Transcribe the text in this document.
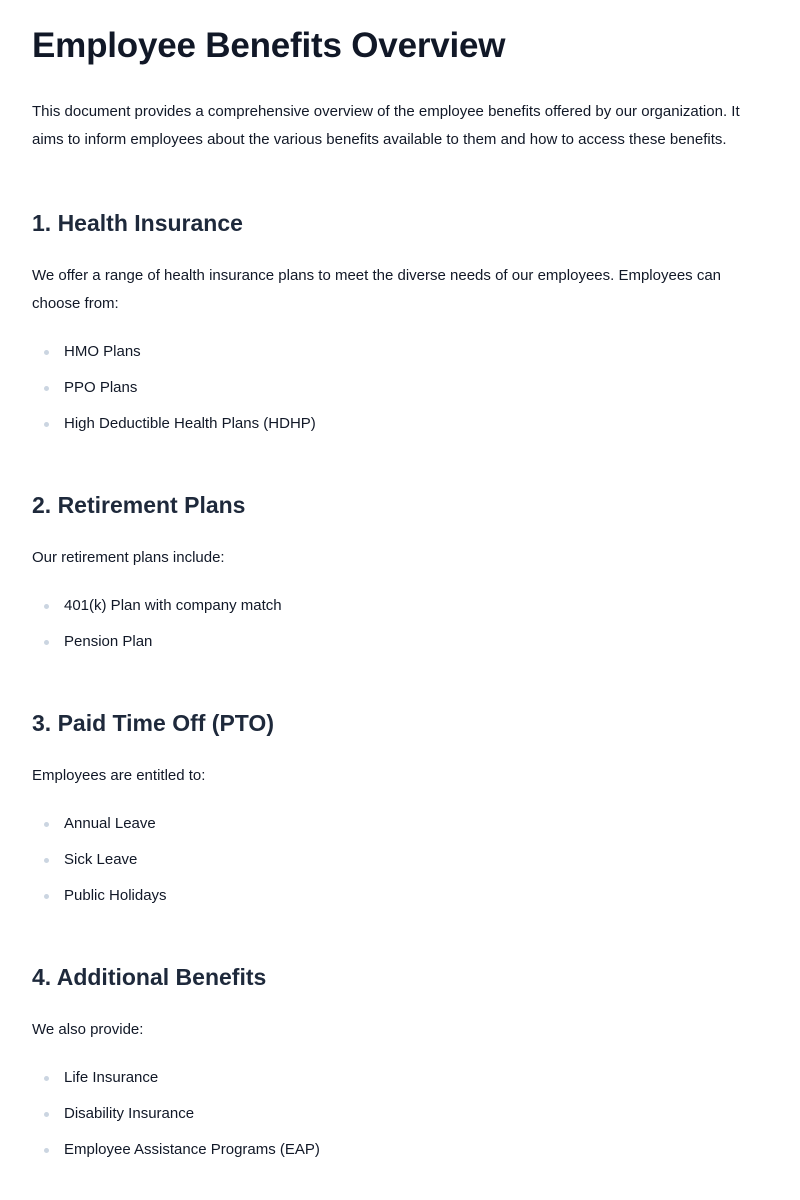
Employee Benefits Overview

This document provides a comprehensive overview of the employee benefits offered by our organization. It aims to inform employees about the various benefits available to them and how to access these benefits.

1. Health Insurance

We offer a range of health insurance plans to meet the diverse needs of our employees. Employees can choose from:

HMO Plans
PPO Plans
High Deductible Health Plans (HDHP)
2. Retirement Plans

Our retirement plans include:

401(k) Plan with company match
Pension Plan
3. Paid Time Off (PTO)

Employees are entitled to:

Annual Leave
Sick Leave
Public Holidays
4. Additional Benefits

We also provide:

Life Insurance
Disability Insurance
Employee Assistance Programs (EAP)
